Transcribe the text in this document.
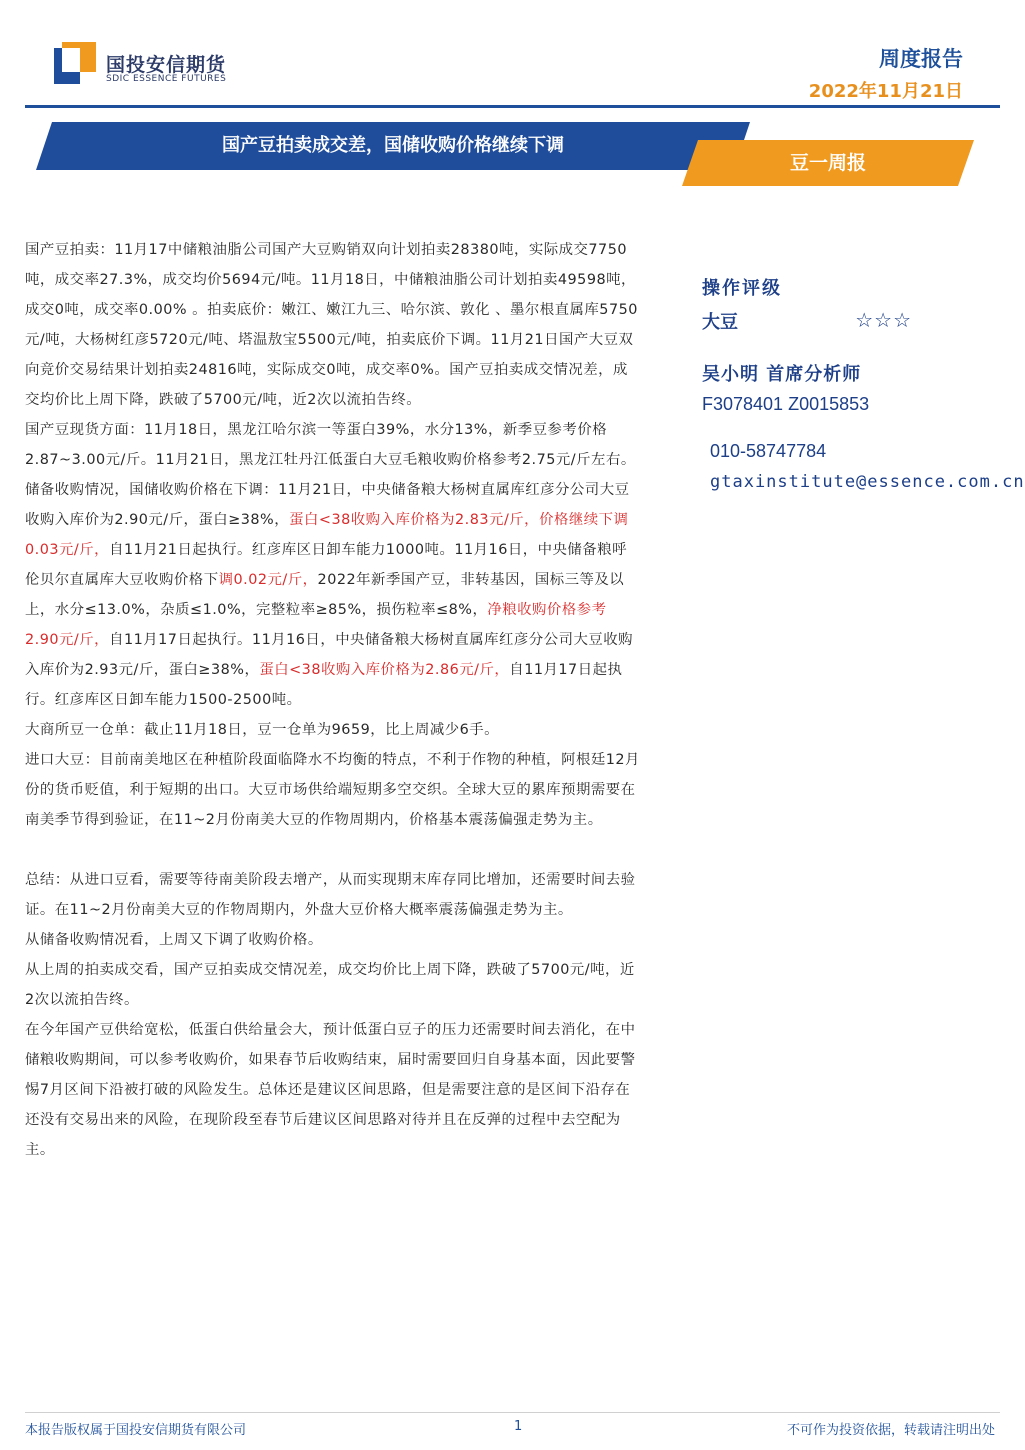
国投安信期货
SDIC ESSENCE FUTURES
周度报告
2022年11月21日
国产豆拍卖成交差，国储收购价格继续下调
豆一周报

国产豆拍卖：11月17中储粮油脂公司国产大豆购销双向计划拍卖28380吨，实际成交7750吨，成交率27.3%，成交均价5694元/吨。11月18日，中储粮油脂公司计划拍卖49598吨，成交0吨，成交率0.00% 。拍卖底价：嫩江、嫩江九三、哈尔滨、敦化 、墨尔根直属库5750元/吨，大杨树红彦5720元/吨、塔温敖宝5500元/吨，拍卖底价下调。11月21日国产大豆双向竞价交易结果计划拍卖24816吨，实际成交0吨，成交率0%。国产豆拍卖成交情况差，成交均价比上周下降，跌破了5700元/吨，近2次以流拍告终。

国产豆现货方面：11月18日，黑龙江哈尔滨一等蛋白39%，水分13%，新季豆参考价格2.87~3.00元/斤。11月21日，黑龙江牡丹江低蛋白大豆毛粮收购价格参考2.75元/斤左右。

储备收购情况，国储收购价格在下调：11月21日，中央储备粮大杨树直属库红彦分公司大豆收购入库价为2.90元/斤，蛋白≥38%，蛋白<38收购入库价格为2.83元/斤，价格继续下调0.03元/斤，自11月21日起执行。红彦库区日卸车能力1000吨。11月16日，中央储备粮呼伦贝尔直属库大豆收购价格下调0.02元/斤，2022年新季国产豆，非转基因，国标三等及以上，水分≤13.0%，杂质≤1.0%，完整粒率≥85%，损伤粒率≤8%，净粮收购价格参考2.90元/斤，自11月17日起执行。11月16日，中央储备粮大杨树直属库红彦分公司大豆收购入库价为2.93元/斤，蛋白≥38%，蛋白<38收购入库价格为2.86元/斤，自11月17日起执行。红彦库区日卸车能力1500-2500吨。

大商所豆一仓单：截止11月18日，豆一仓单为9659，比上周减少6手。

进口大豆：目前南美地区在种植阶段面临降水不均衡的特点，不利于作物的种植，阿根廷12月份的货币贬值，利于短期的出口。大豆市场供给端短期多空交织。全球大豆的累库预期需要在南美季节得到验证，在11~2月份南美大豆的作物周期内，价格基本震荡偏强走势为主。

总结：从进口豆看，需要等待南美阶段去增产，从而实现期末库存同比增加，还需要时间去验证。在11~2月份南美大豆的作物周期内，外盘大豆价格大概率震荡偏强走势为主。

从储备收购情况看，上周又下调了收购价格。

从上周的拍卖成交看，国产豆拍卖成交情况差，成交均价比上周下降，跌破了5700元/吨，近2次以流拍告终。

在今年国产豆供给宽松，低蛋白供给量会大，预计低蛋白豆子的压力还需要时间去消化，在中储粮收购期间，可以参考收购价，如果春节后收购结束，届时需要回归自身基本面，因此要警惕7月区间下沿被打破的风险发生。总体还是建议区间思路，但是需要注意的是区间下沿存在还没有交易出来的风险，在现阶段至春节后建议区间思路对待并且在反弹的过程中去空配为主。

操作评级
大豆	☆☆☆
吴小明 首席分析师
F3078401 Z0015853
010-58747784
gtaxinstitute@essence.com.cn
本报告版权属于国投安信期货有限公司	1	不可作为投资依据，转载请注明出处
